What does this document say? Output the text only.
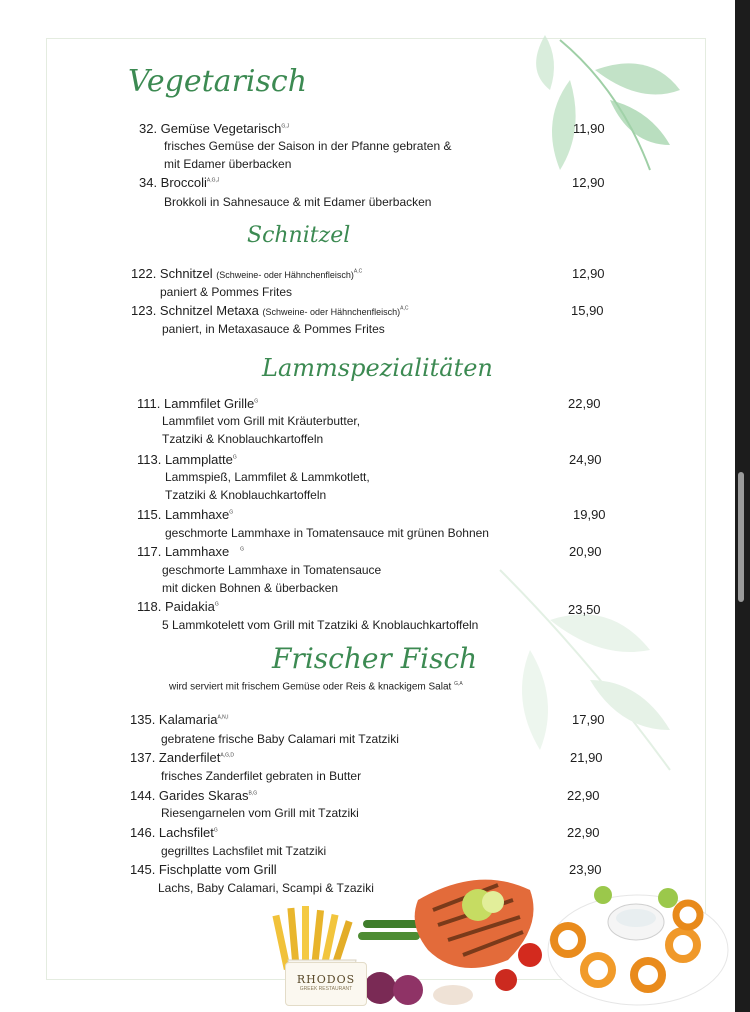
Vegetarisch
Schnitzel
Lammspezialitäten
Frischer Fisch
wird serviert mit frischem Gemüse oder Reis & knackigem Salat $^{G,A}$
32. Gemüse Vegetarisch$^{G,J}$	11,90
frisches Gemüse der Saison in der Pfanne gebraten &
mit Edamer überbacken
34. Broccoli$^{A,G,J}$	12,90
Brokkoli in Sahnesauce & mit Edamer überbacken
122. Schnitzel (Schweine- oder Hähnchenfleisch)$^{A,C}$	12,90
paniert & Pommes Frites
123. Schnitzel Metaxa (Schweine- oder Hähnchenfleisch)$^{A,C}$	15,90
paniert, in Metaxasauce & Pommes Frites
111. Lammfilet Grille$^G$	22,90
Lammfilet vom Grill mit Kräuterbutter,
Tzatziki & Knoblauchkartoffeln
113. Lammplatte$^G$	24,90
Lammspieß, Lammfilet & Lammkotlett,
Tzatziki & Knoblauchkartoffeln
115. Lammhaxe$^G$	19,90
geschmorte Lammhaxe in Tomatensauce mit grünen Bohnen
117. Lammhaxe $^G$	20,90
geschmorte Lammhaxe in Tomatensauce
mit dicken Bohnen & überbacken
118. Paidakia$^G$	23,50
5 Lammkotelett vom Grill mit Tzatziki & Knoblauchkartoffeln
135. Kalamaria$^{A,N,I}$	17,90
gebratene frische Baby Calamari mit Tzatziki
137. Zanderfilet$^{A,G,D}$	21,90
frisches Zanderfilet gebraten in Butter
144. Garides Skaras$^{B,G}$	22,90
Riesengarnelen vom Grill mit Tzatziki
146. Lachsfilet$^G$	22,90
gegrilltes Lachsfilet mit Tzatziki
145. Fischplatte vom Grill	23,90
Lachs, Baby Calamari, Scampi & Tzaziki
RHODOS
GREEK RESTAURANT
